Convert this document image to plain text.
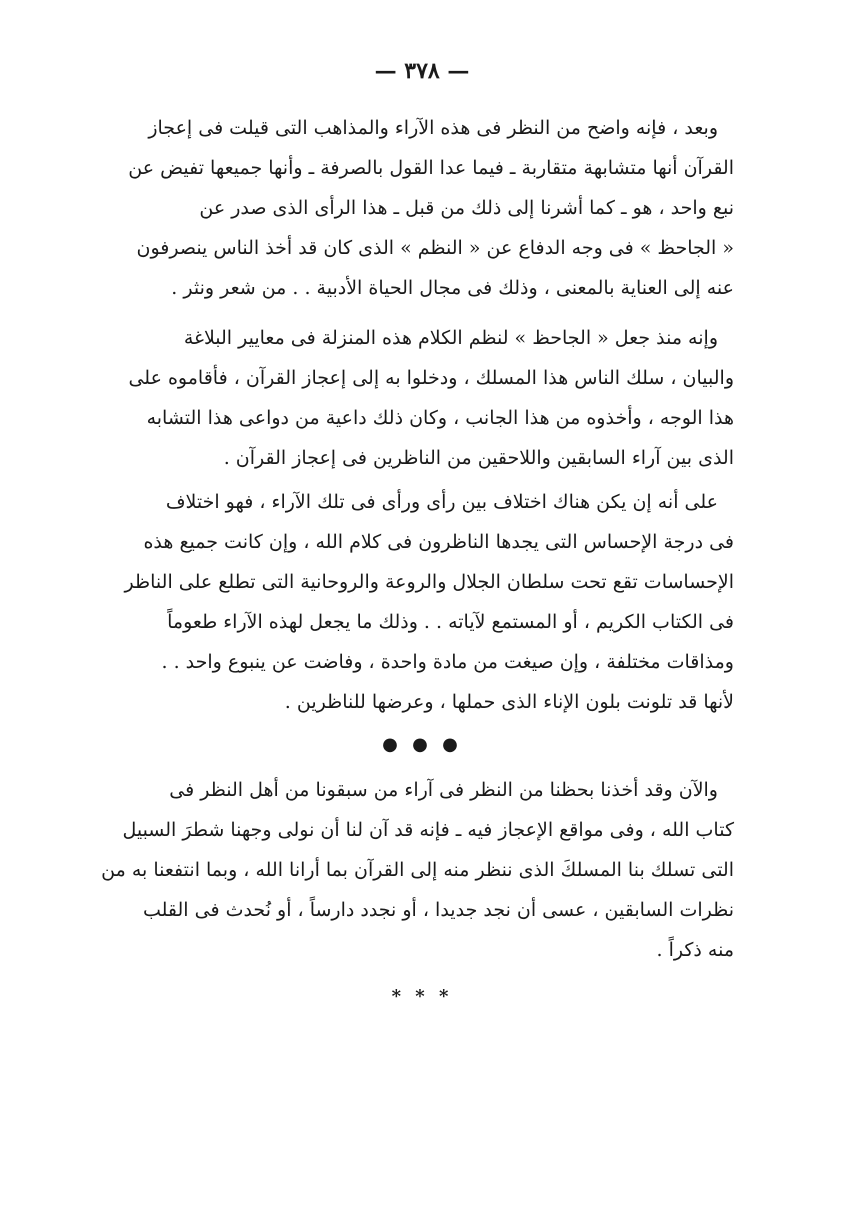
— ٣٧٨ —
وبعد ، فإنه واضح من النظر فى هذه الآراء والمذاهب التى قيلت فى إعجاز
القرآن أنها متشابهة متقاربة ـ فيما عدا القول بالصرفة ـ وأنها جميعها تفيض عن
نبع واحد ، هو ـ كما أشرنا إلى ذلك من قبل ـ هذا الرأى الذى صدر عن
« الجاحظ » فى وجه الدفاع عن « النظم » الذى كان قد أخذ الناس ينصرفون
عنه إلى العناية بالمعنى ، وذلك فى مجال الحياة الأدبية . . من شعر ونثر .
وإنه منذ جعل « الجاحظ » لنظم الكلام هذه المنزلة فى معايير البلاغة
والبيان ، سلك الناس هذا المسلك ، ودخلوا به إلى إعجاز القرآن ، فأقاموه على
هذا الوجه ، وأخذوه من هذا الجانب ، وكان ذلك داعية من دواعى هذا التشابه
الذى بين آراء السابقين واللاحقين من الناظرين فى إعجاز القرآن .
على أنه إن يكن هناك اختلاف بين رأى ورأى فى تلك الآراء ، فهو اختلاف
فى درجة الإحساس التى يجدها الناظرون فى كلام الله ، وإن كانت جميع هذه
الإحساسات تقع تحت سلطان الجلال والروعة والروحانية التى تطلع على الناظر
فى الكتاب الكريم ، أو المستمع لآياته . . وذلك ما يجعل لهذه الآراء طعوماً
ومذاقات مختلفة ، وإن صيغت من مادة واحدة ، وفاضت عن ينبوع واحد . .
لأنها قد تلونت بلون الإناء الذى حملها ، وعرضها للناظرين .
● ● ●
والآن وقد أخذنا بحظنا من النظر فى آراء من سبقونا من أهل النظر فى
كتاب الله ، وفى مواقع الإعجاز فيه ـ فإنه قد آن لنا أن نولى وجهنا شطرَ السبيل
التى تسلك بنا المسلكَ الذى ننظر منه إلى القرآن بما أرانا الله ، وبما انتفعنا به من
نظرات السابقين ، عسى أن نجد جديدا ، أو نجدد دارساً ، أو نُحدث فى القلب
منه ذكراً .
* * *
